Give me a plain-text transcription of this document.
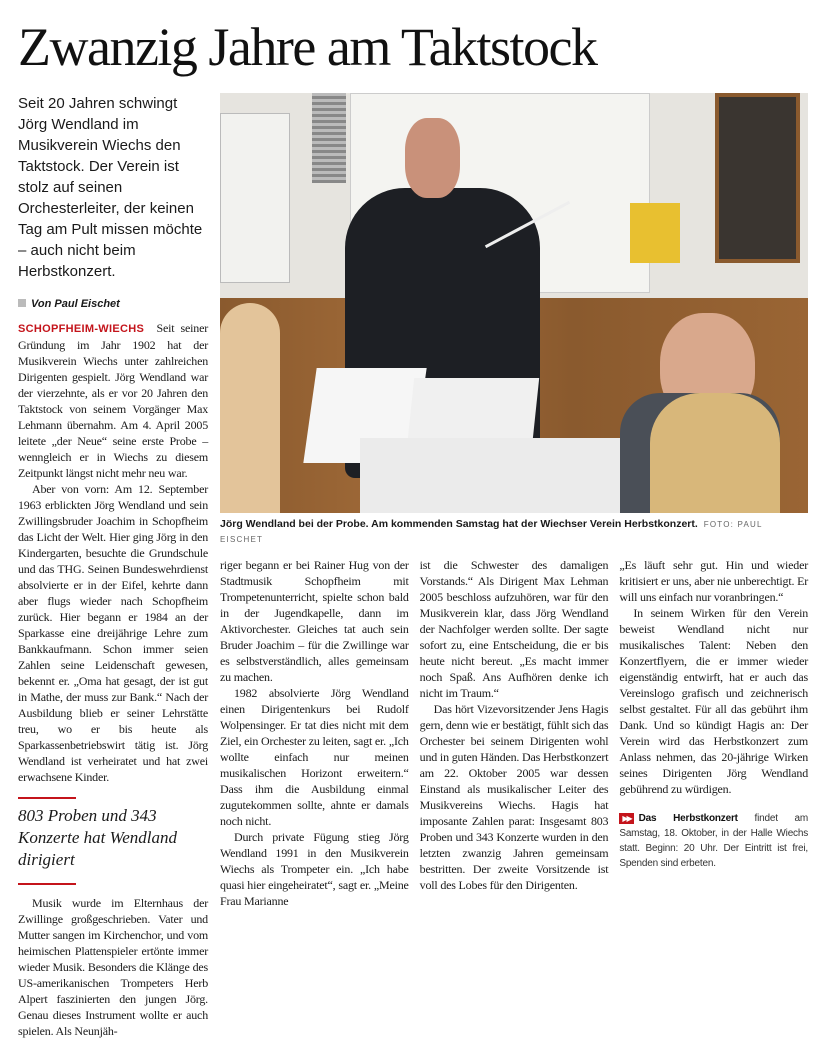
Zwanzig Jahre am Taktstock

Seit 20 Jahren schwingt Jörg Wendland im Musikverein Wiechs den Taktstock. Der Verein ist stolz auf seinen Orchesterleiter, der keinen Tag am Pult missen möchte – auch nicht beim Herbstkonzert.

Von Paul Eischet

SCHOPFHEIM-WIECHS Seit seiner Gründung im Jahr 1902 hat der Musikverein Wiechs unter zahlreichen Dirigenten gespielt. Jörg Wendland war der vierzehnte, als er vor 20 Jahren den Taktstock von seinem Vorgänger Max Lehmann übernahm. Am 4. April 2005 leitete „der Neue“ seine erste Probe – wenngleich er in Wiechs zu diesem Zeitpunkt längst nicht mehr neu war.

Aber von vorn: Am 12. September 1963 erblickten Jörg Wendland und sein Zwillingsbruder Joachim in Schopfheim das Licht der Welt. Hier ging Jörg in den Kindergarten, besuchte die Grundschule und das THG. Seinen Bundeswehrdienst absolvierte er in der Eifel, kehrte dann aber flugs wieder nach Schopfheim zurück. Hier begann er 1984 an der Sparkasse eine dreijährige Lehre zum Bankkaufmann. Schon immer seien Zahlen seine Leidenschaft gewesen, bekennt er. „Oma hat gesagt, der ist gut in Mathe, der muss zur Bank.“ Nach der Ausbildung blieb er seiner Lehrstätte treu, wo er bis heute als Sparkassenbetriebswirt tätig ist. Jörg Wendland ist verheiratet und hat zwei erwachsene Kinder.

803 Proben und 343 Konzerte hat Wendland dirigiert

Musik wurde im Elternhaus der Zwillinge großgeschrieben. Vater und Mutter sangen im Kirchenchor, und vom heimischen Plattenspieler ertönte immer wieder Musik. Besonders die Klänge des US-amerikanischen Trompeters Herb Alpert faszinierten den jungen Jörg. Genau dieses Instrument wollte er auch spielen. Als Neunjäh-

Jörg Wendland bei der Probe. Am kommenden Samstag hat der Wiechser Verein Herbstkonzert. FOTO: PAUL EISCHET

riger begann er bei Rainer Hug von der Stadtmusik Schopfheim mit Trompetenunterricht, spielte schon bald in der Jugendkapelle, dann im Aktivorchester. Gleiches tat auch sein Bruder Joachim – für die Zwillinge war es selbstverständlich, alles gemeinsam zu machen.

1982 absolvierte Jörg Wendland einen Dirigentenkurs bei Rudolf Wolpensinger. Er tat dies nicht mit dem Ziel, ein Orchester zu leiten, sagt er. „Ich wollte einfach nur meinen musikalischen Horizont erweitern.“ Dass ihm die Ausbildung einmal zugutekommen sollte, ahnte er damals noch nicht.

Durch private Fügung stieg Jörg Wendland 1991 in den Musikverein Wiechs als Trompeter ein. „Ich habe quasi hier eingeheiratet“, sagt er. „Meine Frau Marianne

ist die Schwester des damaligen Vorstands.“ Als Dirigent Max Lehman 2005 beschloss aufzuhören, war für den Musikverein klar, dass Jörg Wendland der Nachfolger werden sollte. Der sagte sofort zu, eine Entscheidung, die er bis heute nicht bereut. „Es macht immer noch Spaß. Ans Aufhören denke ich nicht im Traum.“

Das hört Vizevorsitzender Jens Hagis gern, denn wie er bestätigt, fühlt sich das Orchester bei seinem Dirigenten wohl und in guten Händen. Das Herbstkonzert am 22. Oktober 2005 war dessen Einstand als musikalischer Leiter des Musikvereins Wiechs. Hagis hat imposante Zahlen parat: Insgesamt 803 Proben und 343 Konzerte wurden in den letzten zwanzig Jahren gemeinsam bestritten. Der zweite Vorsitzende ist voll des Lobes für den Dirigenten.

„Es läuft sehr gut. Hin und wieder kritisiert er uns, aber nie unberechtigt. Er will uns einfach nur voranbringen.“

In seinem Wirken für den Verein beweist Wendland nicht nur musikalisches Talent: Neben den Konzertflyern, die er immer wieder eigenständig entwirft, hat er auch das Vereinslogo grafisch und zeichnerisch selbst gestaltet. Für all das gebührt ihm Dank. Und so kündigt Hagis an: Der Verein wird das Herbstkonzert zum Anlass nehmen, das 20-jährige Wirken seines Dirigenten Jörg Wendland gebührend zu würdigen.

▶▶ Das Herbstkonzert findet am Samstag, 18. Oktober, in der Halle Wiechs statt. Beginn: 20 Uhr. Der Eintritt ist frei, Spenden sind erbeten.
